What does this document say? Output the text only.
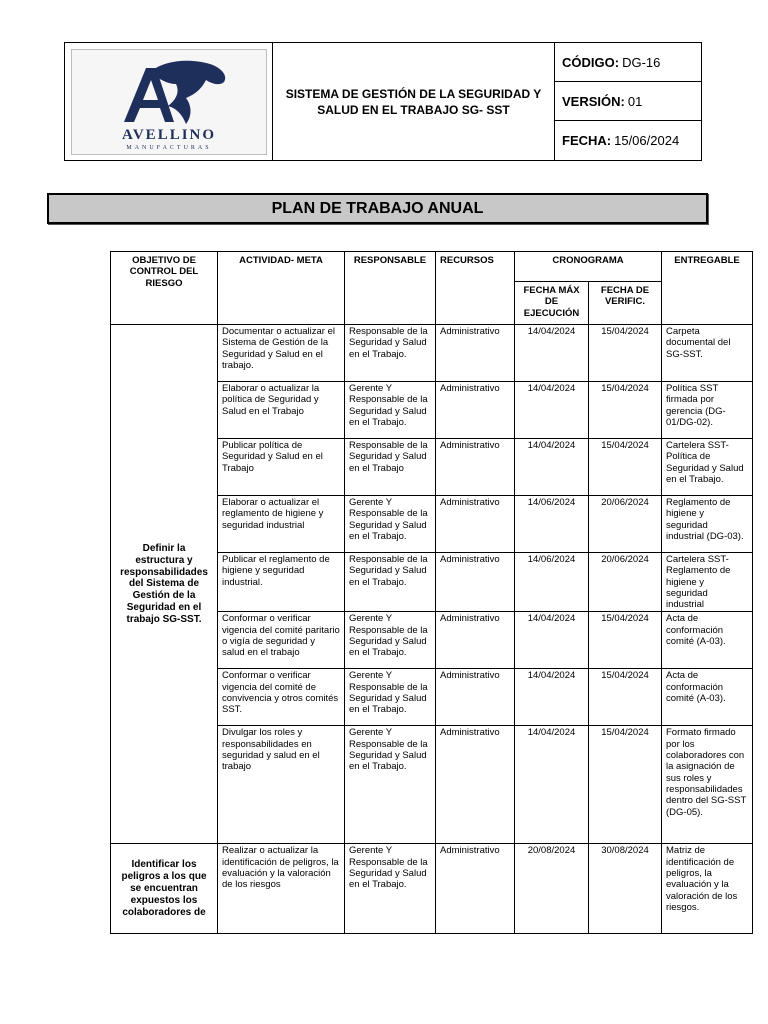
AVELLINO
MANUFACTURAS
SISTEMA DE GESTIÓN DE LA SEGURIDAD Y SALUD EN EL TRABAJO SG- SST
CÓDIGO: DG-16
VERSIÓN: 01
FECHA: 15/06/2024
PLAN DE TRABAJO ANUAL
OBJETIVO DE CONTROL DEL RIESGO	ACTIVIDAD- META	RESPONSABLE	RECURSOS	CRONOGRAMA		ENTREGABLE
				FECHA MÁX DE EJECUCIÓN	FECHA DE VERIFIC.	
Definir la estructura y responsabilidades del Sistema de Gestión de la Seguridad en el trabajo SG-SST.	Documentar o actualizar el Sistema de Gestión de la Seguridad y Salud en el trabajo.	Responsable de la Seguridad y Salud en el Trabajo.	Administrativo	14/04/2024	15/04/2024	Carpeta documental del SG-SST.
	Elaborar o actualizar la política de Seguridad y Salud en el Trabajo	Gerente Y Responsable de la Seguridad y Salud en el Trabajo.	Administrativo	14/04/2024	15/04/2024	Política SST firmada por gerencia (DG-01/DG-02).
	Publicar política de Seguridad y Salud en el Trabajo	Responsable de la Seguridad y Salud en el Trabajo	Administrativo	14/04/2024	15/04/2024	Cartelera SST-Política de Seguridad y Salud en el Trabajo.
	Elaborar o actualizar el reglamento de higiene y seguridad industrial	Gerente Y Responsable de la Seguridad y Salud en el Trabajo.	Administrativo	14/06/2024	20/06/2024	Reglamento de higiene y seguridad industrial (DG-03).
	Publicar el reglamento de higiene y seguridad industrial.	Responsable de la Seguridad y Salud en el Trabajo.	Administrativo	14/06/2024	20/06/2024	Cartelera SST-Reglamento de higiene y seguridad industrial
	Conformar o verificar vigencia del comité paritario o vigía de seguridad y salud en el trabajo	Gerente Y Responsable de la Seguridad y Salud en el Trabajo.	Administrativo	14/04/2024	15/04/2024	Acta de conformación comité (A-03).
	Conformar o verificar vigencia del comité de convivencia y otros comités SST.	Gerente Y Responsable de la Seguridad y Salud en el Trabajo.	Administrativo	14/04/2024	15/04/2024	Acta de conformación comité (A-03).
	Divulgar los roles y responsabilidades en seguridad y salud en el trabajo	Gerente Y Responsable de la Seguridad y Salud en el Trabajo.	Administrativo	14/04/2024	15/04/2024	Formato firmado por los colaboradores con la asignación de sus roles y responsabilidades dentro del SG-SST (DG-05).
Identificar los peligros a los que se encuentran expuestos los colaboradores de	Realizar o actualizar la identificación de peligros, la evaluación y la valoración de los riesgos	Gerente Y Responsable de la Seguridad y Salud en el Trabajo.	Administrativo	20/08/2024	30/08/2024	Matriz de identificación de peligros, la evaluación y la valoración de los riesgos.
